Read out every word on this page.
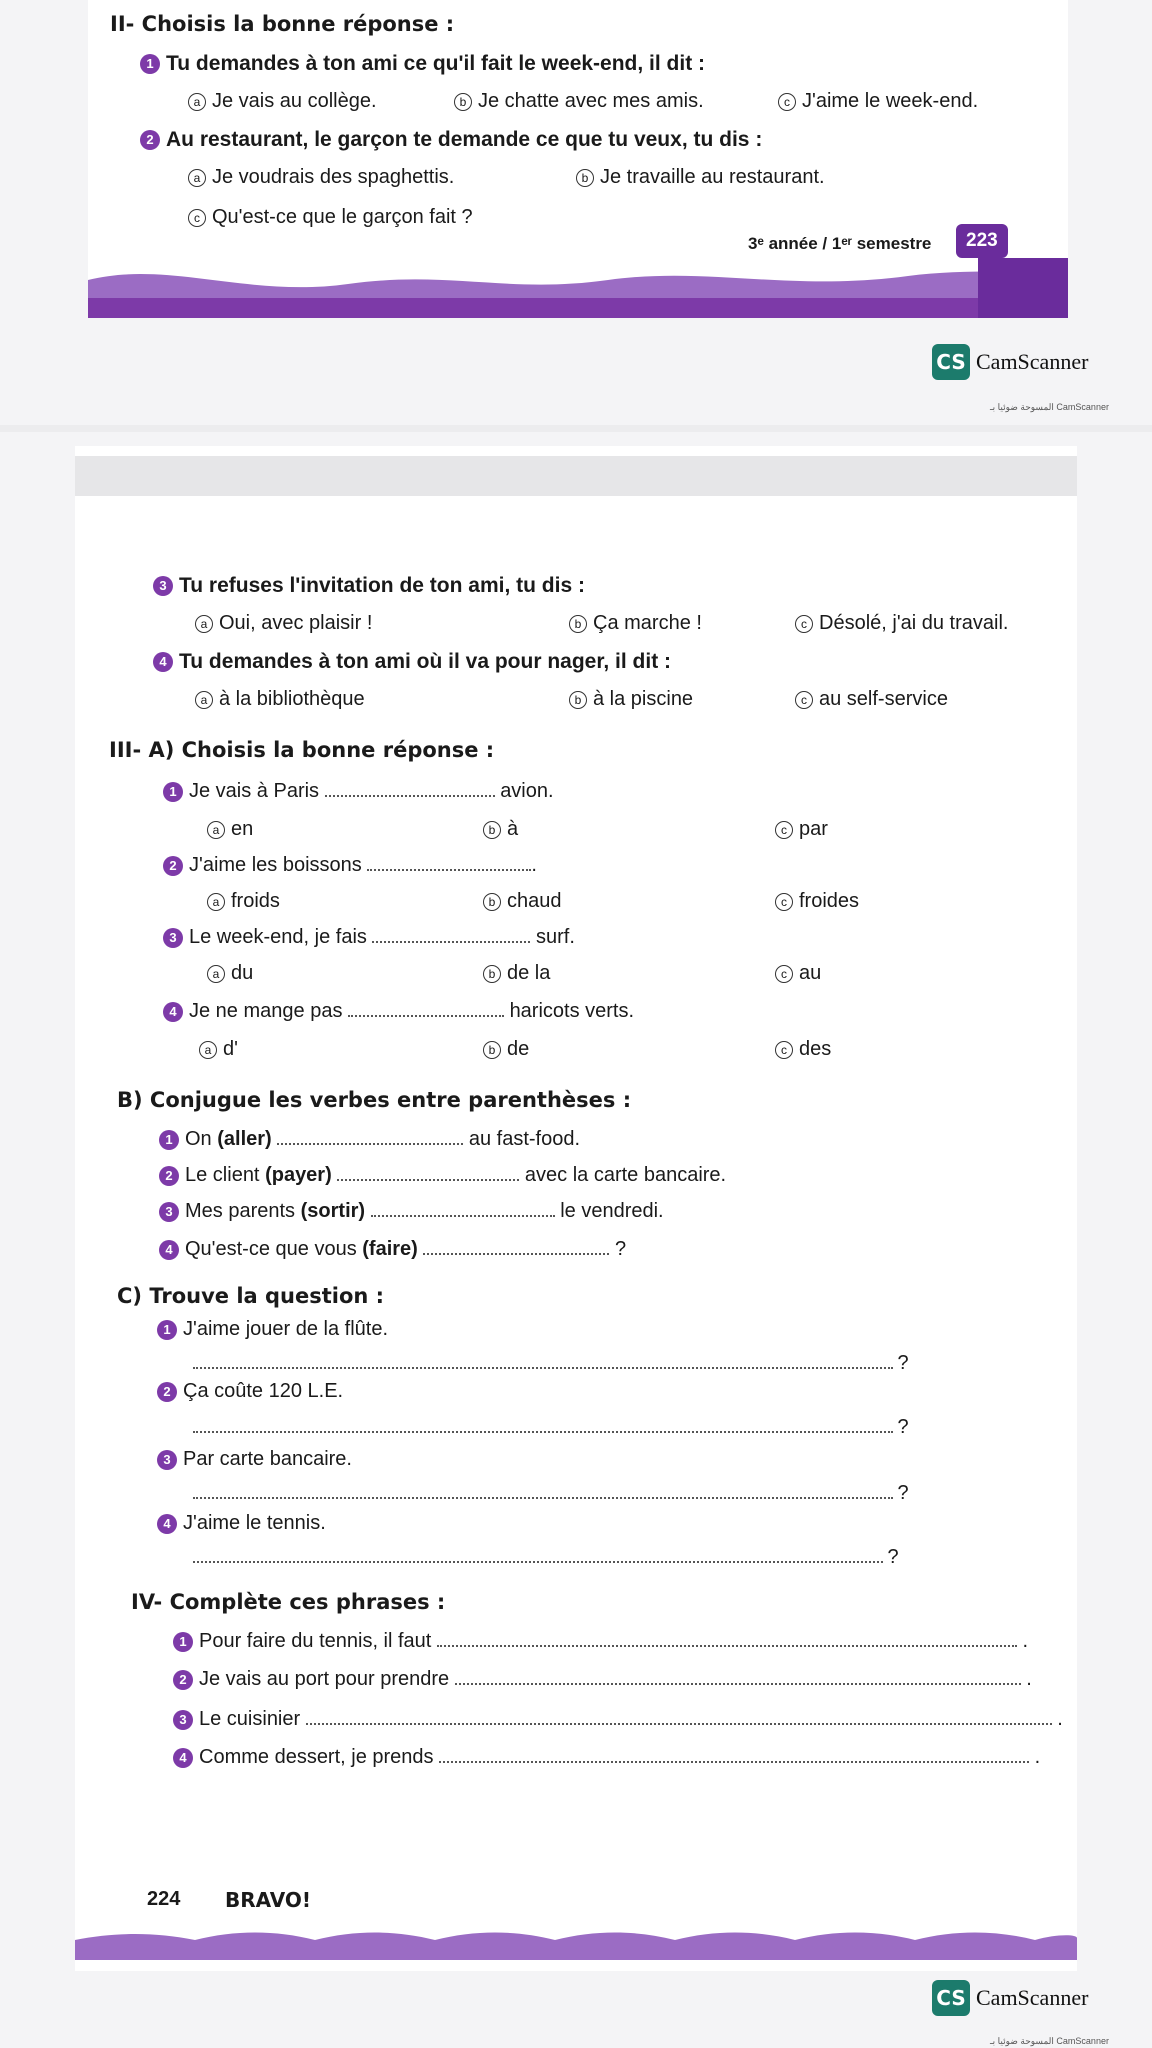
II- Choisis la bonne réponse :
1 Tu demandes à ton ami ce qu'il fait le week-end, il dit :
a Je vais au collège.	b Je chatte avec mes amis.	c J'aime le week-end.
2 Au restaurant, le garçon te demande ce que tu veux, tu dis :
a Je voudrais des spaghettis.	b Je travaille au restaurant.
c Qu'est-ce que le garçon fait ?
3ᵉ année / 1ᵉʳ semestre	223
CS CamScanner
المسوحة ضوئيا بـ CamScanner
3 Tu refuses l'invitation de ton ami, tu dis :
a Oui, avec plaisir !	b Ça marche !	c Désolé, j'ai du travail.
4 Tu demandes à ton ami où il va pour nager, il dit :
a à la bibliothèque	b à la piscine	c au self-service
III- A) Choisis la bonne réponse :
1 Je vais à Paris	avion.
a en	b à	c par
2 J'aime les boissons	.
a froids	b chaud	c froides
3 Le week-end, je fais	surf.
a du	b de la	c au
4 Je ne mange pas	haricots verts.
a d'	b de	c des
B) Conjugue les verbes entre parenthèses :
1 On (aller)	au fast-food.
2 Le client (payer)	avec la carte bancaire.
3 Mes parents (sortir)	le vendredi.
4 Qu'est-ce que vous (faire)	?
C) Trouve la question :
1 J'aime jouer de la flûte.
?
2 Ça coûte 120 L.E.
?
3 Par carte bancaire.
?
4 J'aime le tennis.
?
IV- Complète ces phrases :
1 Pour faire du tennis, il faut	.
2 Je vais au port pour prendre	.
3 Le cuisinier	.
4 Comme dessert, je prends	.
224 BRAVO!
CS CamScanner
المسوحة ضوئيا بـ CamScanner
